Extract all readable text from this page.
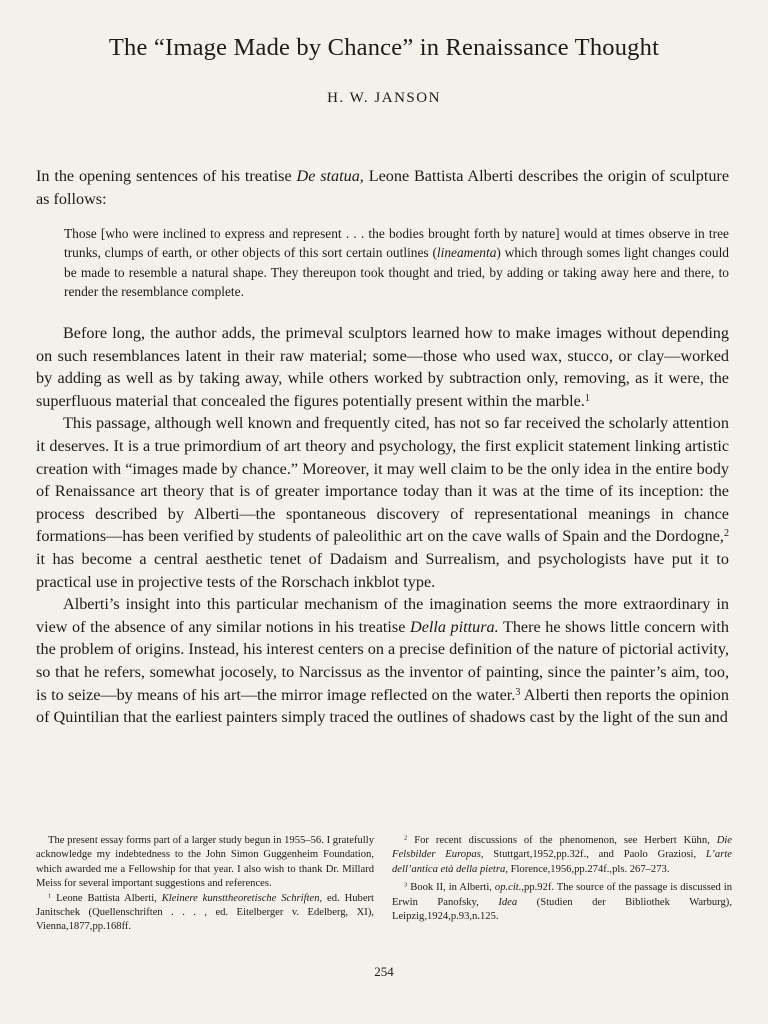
The “Image Made by Chance” in Renaissance Thought
H. W. JANSON

In the opening sentences of his treatise De statua, Leone Battista Alberti describes the origin of sculpture as follows:

Those [who were inclined to express and represent . . . the bodies brought forth by nature] would at times observe in tree trunks, clumps of earth, or other objects of this sort certain outlines (lineamenta) which through somes light changes could be made to resemble a natural shape. They thereupon took thought and tried, by adding or taking away here and there, to render the resemblance complete.

Before long, the author adds, the primeval sculptors learned how to make images without depending on such resemblances latent in their raw material; some—those who used wax, stucco, or clay—worked by adding as well as by taking away, while others worked by subtraction only, removing, as it were, the superfluous material that concealed the figures potentially present within the marble.$^1$

This passage, although well known and frequently cited, has not so far received the scholarly attention it deserves. It is a true primordium of art theory and psychology, the first explicit statement linking artistic creation with “images made by chance.” Moreover, it may well claim to be the only idea in the entire body of Renaissance art theory that is of greater importance today than it was at the time of its inception: the process described by Alberti—the spontaneous discovery of representational meanings in chance formations—has been verified by students of paleolithic art on the cave walls of Spain and the Dordogne,$^2$ it has become a central aesthetic tenet of Dadaism and Surrealism, and psychologists have put it to practical use in projective tests of the Rorschach inkblot type.

Alberti’s insight into this particular mechanism of the imagination seems the more extraordinary in view of the absence of any similar notions in his treatise Della pittura. There he shows little concern with the problem of origins. Instead, his interest centers on a precise definition of the nature of pictorial activity, so that he refers, somewhat jocosely, to Narcissus as the inventor of painting, since the painter’s aim, too, is to seize—by means of his art—the mirror image reflected on the water.$^3$ Alberti then reports the opinion of Quintilian that the earliest painters simply traced the outlines of shadows cast by the light of the sun and

The present essay forms part of a larger study begun in 1955–56. I gratefully acknowledge my indebtedness to the John Simon Guggenheim Foundation, which awarded me a Fellowship for that year. I also wish to thank Dr. Millard Meiss for several important suggestions and references.

$^1$ Leone Battista Alberti, Kleinere kunsttheoretische Schriften, ed. Hubert Janitschek (Quellenschriften . . . , ed. Eitelberger v. Edelberg, XI), Vienna,1877,pp.168ff.

$^2$ For recent discussions of the phenomenon, see Herbert Kühn, Die Felsbilder Europas, Stuttgart,1952,pp.32f., and Paolo Graziosi, L’arte dell’antica età della pietra, Florence,1956,pp.274f.,pls. 267–273.

$^3$ Book II, in Alberti, op.cit.,pp.92f. The source of the passage is discussed in Erwin Panofsky, Idea (Studien der Bibliothek Warburg), Leipzig,1924,p.93,n.125.

254
